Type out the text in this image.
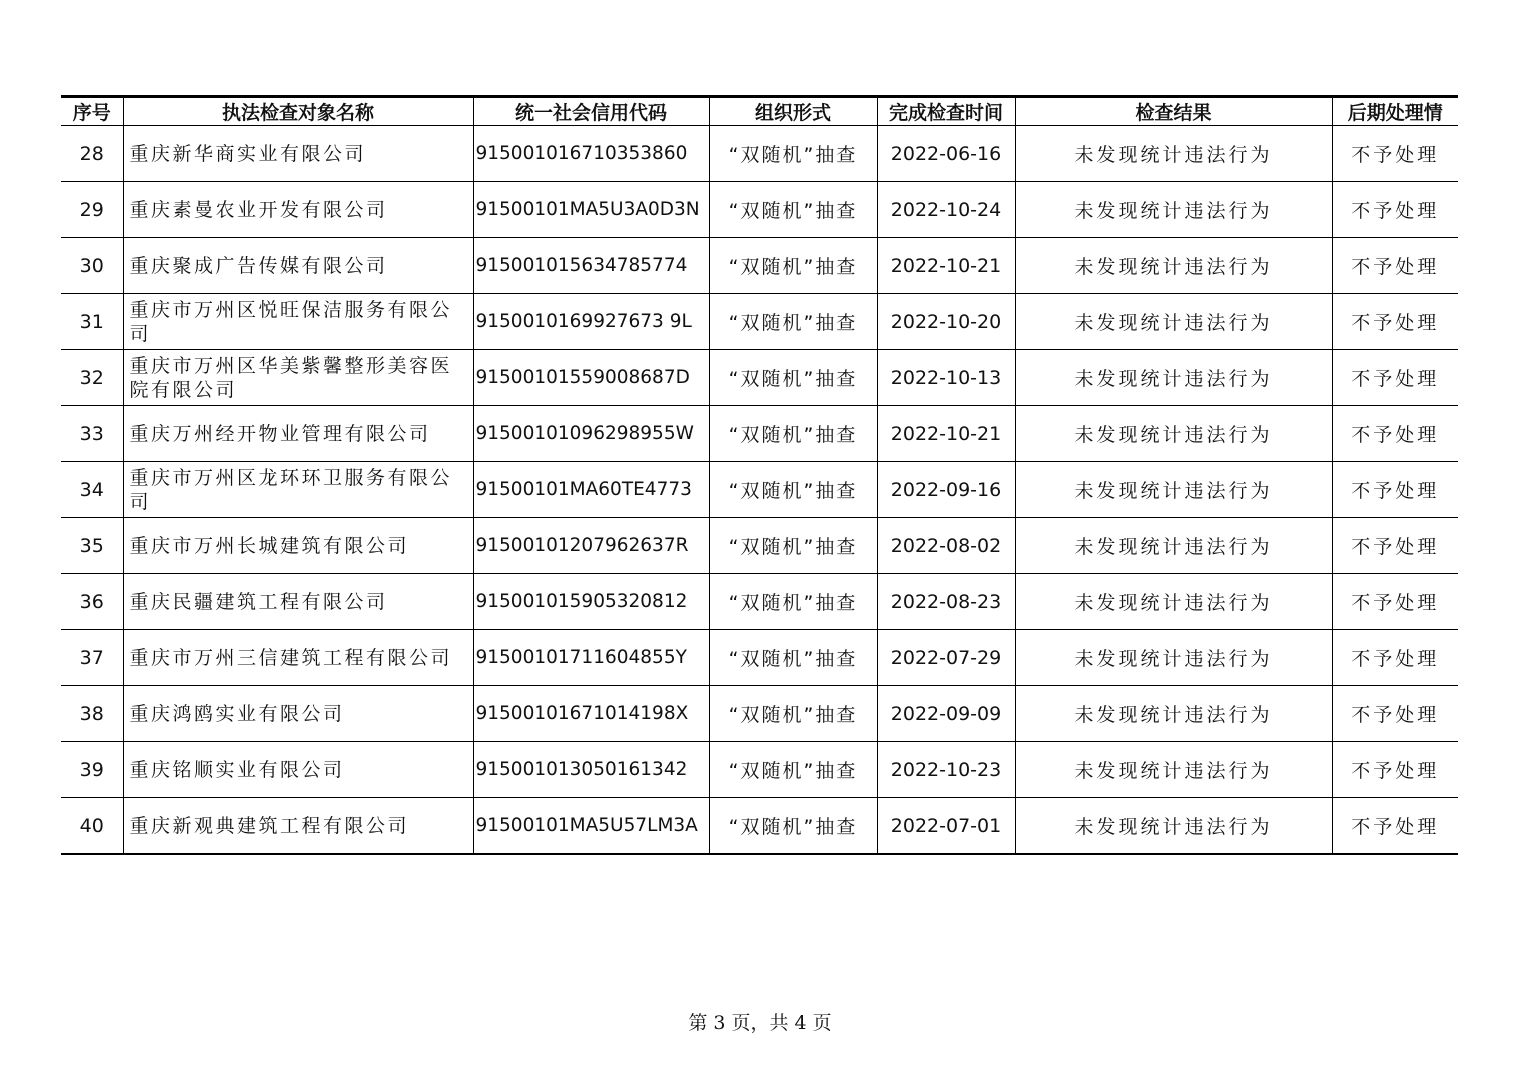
序号	执法检查对象名称	统一社会信用代码	组织形式	完成检查时间	检查结果	后期处理情
28	重庆新华商实业有限公司	915001016710353860	“双随机”抽查	2022-06-16	未发现统计违法行为	不予处理
29	重庆素曼农业开发有限公司	91500101MA5U3A0D3N	“双随机”抽查	2022-10-24	未发现统计违法行为	不予处理
30	重庆聚成广告传媒有限公司	915001015634785774	“双随机”抽查	2022-10-21	未发现统计违法行为	不予处理
31	重庆市万州区悦旺保洁服务有限公司	9150010169927673 9L	“双随机”抽查	2022-10-20	未发现统计违法行为	不予处理
32	重庆市万州区华美紫馨整形美容医院有限公司	91500101559008687D	“双随机”抽查	2022-10-13	未发现统计违法行为	不予处理
33	重庆万州经开物业管理有限公司	91500101096298955W	“双随机”抽查	2022-10-21	未发现统计违法行为	不予处理
34	重庆市万州区龙环环卫服务有限公司	91500101MA60TE4773	“双随机”抽查	2022-09-16	未发现统计违法行为	不予处理
35	重庆市万州长城建筑有限公司	91500101207962637R	“双随机”抽查	2022-08-02	未发现统计违法行为	不予处理
36	重庆民疆建筑工程有限公司	915001015905320812	“双随机”抽查	2022-08-23	未发现统计违法行为	不予处理
37	重庆市万州三信建筑工程有限公司	91500101711604855Y	“双随机”抽查	2022-07-29	未发现统计违法行为	不予处理
38	重庆鸿鸥实业有限公司	91500101671014198X	“双随机”抽查	2022-09-09	未发现统计违法行为	不予处理
39	重庆铭顺实业有限公司	915001013050161342	“双随机”抽查	2022-10-23	未发现统计违法行为	不予处理
40	重庆新观典建筑工程有限公司	91500101MA5U57LM3A	“双随机”抽查	2022-07-01	未发现统计违法行为	不予处理
第 3 页，共 4 页
